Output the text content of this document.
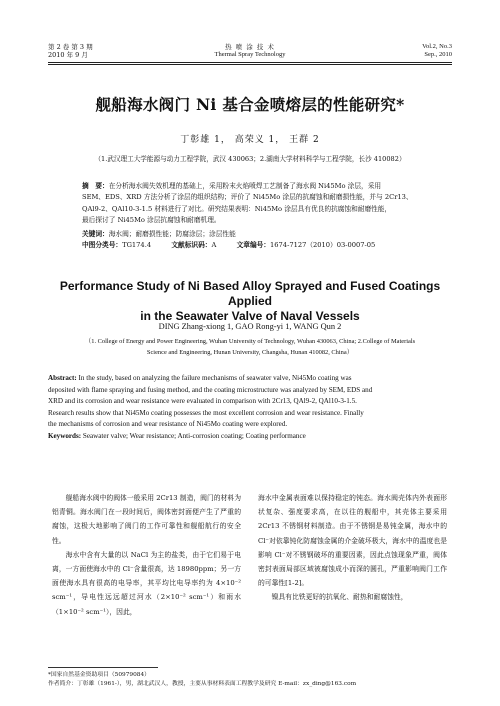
第 2 卷 第 3 期
2010 年 9 月
热 喷 涂 技 术
Thermal Spray Technology
Vol.2, No.3
Sep., 2010
舰船海水阀门 Ni 基合金喷熔层的性能研究*
丁彰雄 1， 高荣义 1， 王群 2
（1.武汉理工大学能源与动力工程学院，武汉 430063；2.湖南大学材料科学与工程学院，长沙 410082）
摘　要：在分析海水阀失效机理的基础上，采用粉末火焰喷焊工艺制备了海水阀 Ni45Mo 涂层，采用
SEM、EDS、XRD 方法分析了涂层的组织结构；评价了 Ni45Mo 涂层的抗腐蚀和耐磨损性能，并与 2Cr13、
QAl9-2、QAl10-3-1.5 材料进行了对比。研究结果表明：Ni45Mo 涂层具有优良的抗腐蚀和耐磨性能，
最后探讨了 Ni45Mo 涂层抗腐蚀和耐磨机理。
关键词：海水阀；耐磨损性能；防腐涂层；涂层性能
中图分类号：TG174.4	文献标识码：A	文章编号：1674-7127（2010）03-0007-05
Performance Study of Ni Based Alloy Sprayed and Fused Coatings Applied
in the Seawater Valve of Naval Vessels
DING Zhang-xiong 1, GAO Rong-yi 1, WANG Qun 2
（1. College of Energy and Power Engineering, Wuhan University of Technology, Wuhan 430063, China; 2.College of Materials
Science and Engineering, Hunan University, Changsha, Hunan 410082, China）
Abstract: In the study, based on analyzing the failure mechanisms of seawater valve, Ni45Mo coating was
deposited with flame spraying and fusing method, and the coating microstructure was analyzed by SEM, EDS and
XRD and its corrosion and wear resistance were evaluated in comparison with 2Cr13, QAl9-2, QAl10-3-1.5.
Research results show that Ni45Mo coating possesses the most excellent corrosion and wear resistance. Finally
the mechanisms of corrosion and wear resistance of Ni45Mo coating were explored.
Keywords: Seawater valve; Wear resistance; Anti-corrosion coating; Coating performance

舰船海水阀中的阀体一般采用 2Cr13 制造，阀门的材料为铝青铜。海水阀门在一段时间后，阀体密封面便产生了严重的腐蚀，这极大地影响了阀门的工作可靠性和舰船航行的安全性。

海水中含有大量的以 NaCl 为主的盐类，由于它们易于电离，一方面使海水中的 Cl⁻含量很高，达 18980ppm；另一方面使海水具有很高的电导率，其平均比电导率约为 4×10⁻² scm⁻¹，导电性远远超过河水（2×10⁻² scm⁻¹）和雨水（1×10⁻² scm⁻¹），因此，

海水中金属表面难以保持稳定的钝态。海水阀壳体内外表面形状复杂、强度要求高，在以往的舰船中，其壳体主要采用 2Cr13 不锈钢材料制造。由于不锈钢是易钝金属，海水中的 Cl⁻对依靠钝化防腐蚀金属的介金破坏极大，海水中的温度也是影响 Cl⁻对不锈钢破坏的重要因素，因此点蚀现象严重，阀体密封表面局部区域被腐蚀成小而深的圆孔，严重影响阀门工作的可靠性[1-2]。

镍具有比铁更好的抗氧化、耐热和耐腐蚀性，

*国家自然基金资助项目（50979084）
作者简介：丁彰雄（1961-），男，湖北武汉人，教授，主要从事材料表面工程教学及研究 E-mail：zx_ding@163.com
